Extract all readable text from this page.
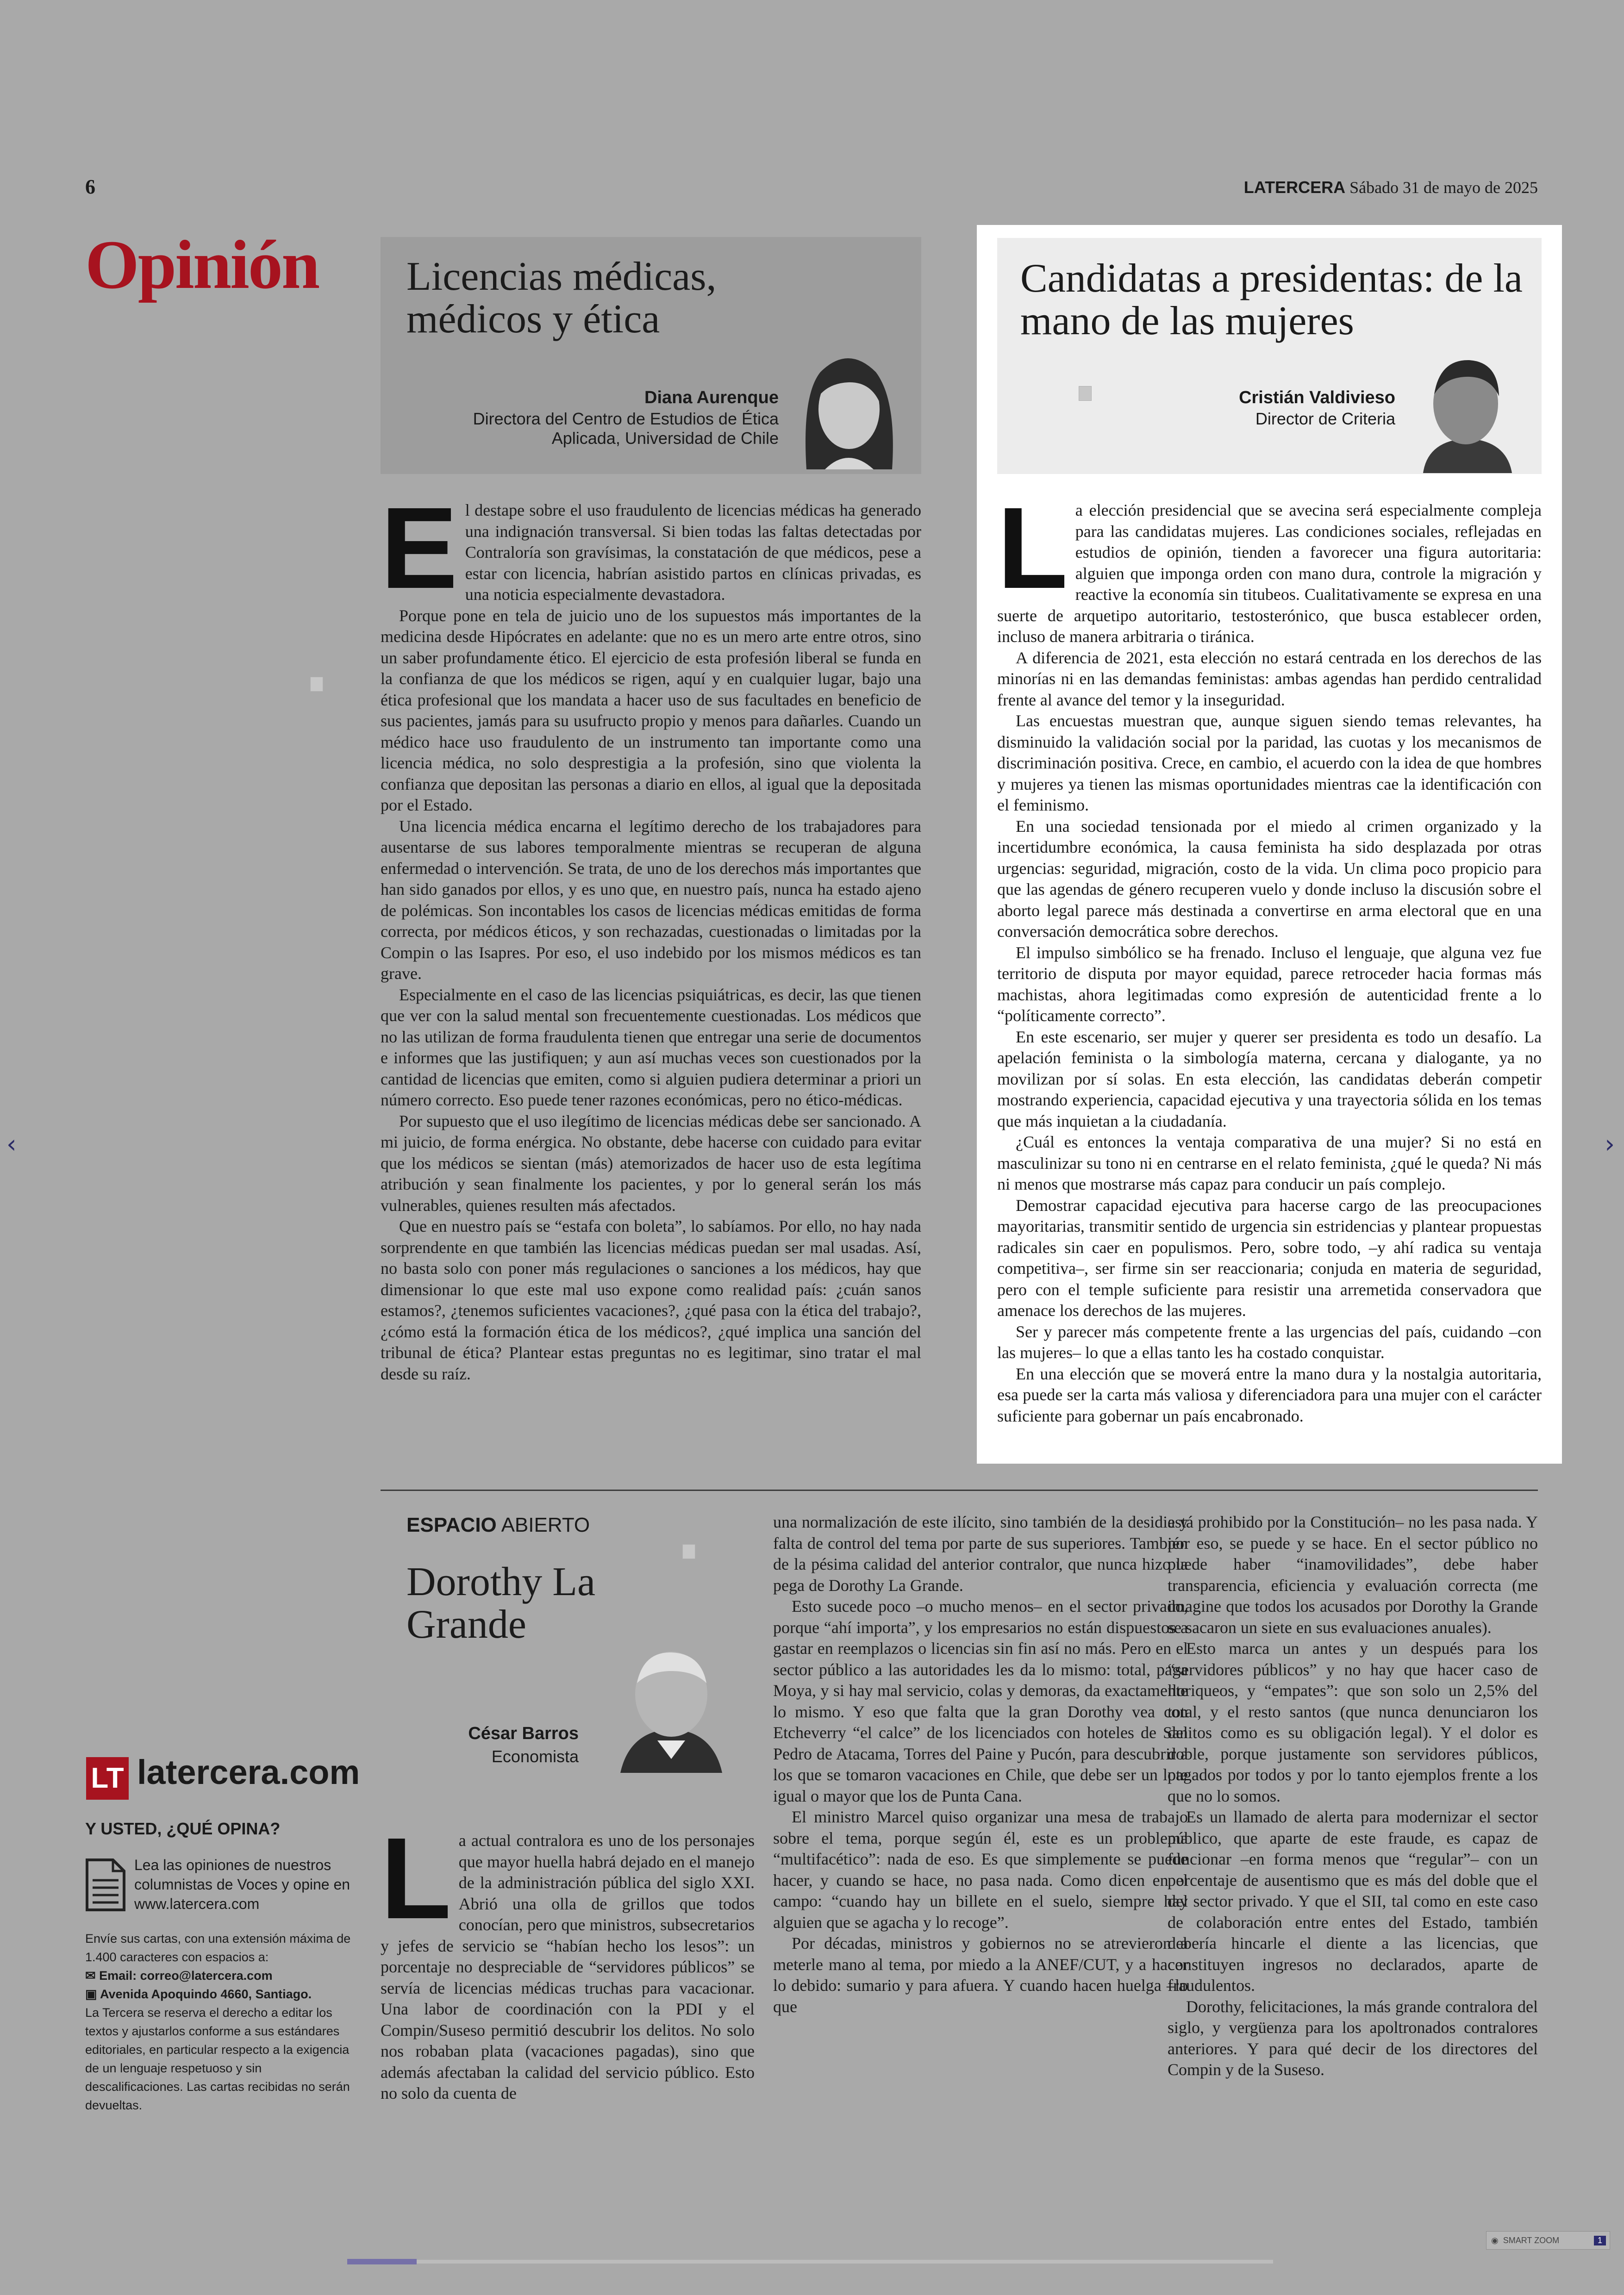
6	LATERCERA Sábado 31 de mayo de 2025
Opinión Licencias médicas, médicos y ética
Diana Aurenque
Directora del Centro de Estudios de Ética Aplicada, Universidad de Chile
E l destape sobre el uso fraudulento de licencias médicas ha generado una indignación transversal. Si bien todas las faltas detectadas por Contraloría son gravísimas, la constatación de que médicos, pese a estar con licencia, habrían asistido partos en clínicas privadas, es una noticia especialmente devastadora.

Porque pone en tela de juicio uno de los supuestos más importantes de la medicina desde Hipócrates en adelante: que no es un mero arte entre otros, sino un saber profundamente ético. El ejercicio de esta profesión liberal se funda en la confianza de que los médicos se rigen, aquí y en cualquier lugar, bajo una ética profesional que los mandata a hacer uso de sus facultades en beneficio de sus pacientes, jamás para su usufructo propio y menos para dañarles. Cuando un médico hace uso fraudulento de un instrumento tan importante como una licencia médica, no solo desprestigia a la profesión, sino que violenta la confianza que depositan las personas a diario en ellos, al igual que la depositada por el Estado.

Una licencia médica encarna el legítimo derecho de los trabajadores para ausentarse de sus labores temporalmente mientras se recuperan de alguna enfermedad o intervención. Se trata, de uno de los derechos más importantes que han sido ganados por ellos, y es uno que, en nuestro país, nunca ha estado ajeno de polémicas. Son incontables los casos de licencias médicas emitidas de forma correcta, por médicos éticos, y son rechazadas, cuestionadas o limitadas por la Compin o las Isapres. Por eso, el uso indebido por los mismos médicos es tan grave.

Especialmente en el caso de las licencias psiquiátricas, es decir, las que tienen que ver con la salud mental son frecuentemente cuestionadas. Los médicos que no las utilizan de forma fraudulenta tienen que entregar una serie de documentos e informes que las justifiquen; y aun así muchas veces son cuestionados por la cantidad de licencias que emiten, como si alguien pudiera determinar a priori un número correcto. Eso puede tener razones económicas, pero no ético-médicas.

Por supuesto que el uso ilegítimo de licencias médicas debe ser sancionado. A mi juicio, de forma enérgica. No obstante, debe hacerse con cuidado para evitar que los médicos se sientan (más) atemorizados de hacer uso de esta legítima atribución y sean finalmente los pacientes, y por lo general serán los más vulnerables, quienes resulten más afectados.

Que en nuestro país se “estafa con boleta”, lo sabíamos. Por ello, no hay nada sorprendente en que también las licencias médicas puedan ser mal usadas. Así, no basta solo con poner más regulaciones o sanciones a los médicos, hay que dimensionar lo que este mal uso expone como realidad país: ¿cuán sanos estamos?, ¿tenemos suficientes vacaciones?, ¿qué pasa con la ética del trabajo?, ¿cómo está la formación ética de los médicos?, ¿qué implica una sanción del tribunal de ética? Plantear estas preguntas no es legitimar, sino tratar el mal desde su raíz.

Candidatas a presidentas: de la mano de las mujeres
Cristián Valdivieso
Director de Criteria
L a elección presidencial que se avecina será especialmente compleja para las candidatas mujeres. Las condiciones sociales, reflejadas en estudios de opinión, tienden a favorecer una figura autoritaria: alguien que imponga orden con mano dura, controle la migración y reactive la economía sin titubeos. Cualitativamente se expresa en una suerte de arquetipo autoritario, testosterónico, que busca establecer orden, incluso de manera arbitraria o tiránica.

A diferencia de 2021, esta elección no estará centrada en los derechos de las minorías ni en las demandas feministas: ambas agendas han perdido centralidad frente al avance del temor y la inseguridad.

Las encuestas muestran que, aunque siguen siendo temas relevantes, ha disminuido la validación social por la paridad, las cuotas y los mecanismos de discriminación positiva. Crece, en cambio, el acuerdo con la idea de que hombres y mujeres ya tienen las mismas oportunidades mientras cae la identificación con el feminismo.

En una sociedad tensionada por el miedo al crimen organizado y la incertidumbre económica, la causa feminista ha sido desplazada por otras urgencias: seguridad, migración, costo de la vida. Un clima poco propicio para que las agendas de género recuperen vuelo y donde incluso la discusión sobre el aborto legal parece más destinada a convertirse en arma electoral que en una conversación democrática sobre derechos.

El impulso simbólico se ha frenado. Incluso el lenguaje, que alguna vez fue territorio de disputa por mayor equidad, parece retroceder hacia formas más machistas, ahora legitimadas como expresión de autenticidad frente a lo “políticamente correcto”.

En este escenario, ser mujer y querer ser presidenta es todo un desafío. La apelación feminista o la simbología materna, cercana y dialogante, ya no movilizan por sí solas. En esta elección, las candidatas deberán competir mostrando experiencia, capacidad ejecutiva y una trayectoria sólida en los temas que más inquietan a la ciudadanía.

¿Cuál es entonces la ventaja comparativa de una mujer? Si no está en masculinizar su tono ni en centrarse en el relato feminista, ¿qué le queda? Ni más ni menos que mostrarse más capaz para conducir un país complejo.

Demostrar capacidad ejecutiva para hacerse cargo de las preocupaciones mayoritarias, transmitir sentido de urgencia sin estridencias y plantear propuestas radicales sin caer en populismos. Pero, sobre todo, –y ahí radica su ventaja competitiva–, ser firme sin ser reaccionaria; conjuda en materia de seguridad, pero con el temple suficiente para resistir una arremetida conservadora que amenace los derechos de las mujeres.

Ser y parecer más competente frente a las urgencias del país, cuidando –con las mujeres– lo que a ellas tanto les ha costado conquistar.

En una elección que se moverá entre la mano dura y la nostalgia autoritaria, esa puede ser la carta más valiosa y diferenciadora para una mujer con el carácter suficiente para gobernar un país encabronado.

ESPACIO ABIERTO
Dorothy La Grande
César Barros
Economista
L a actual contralora es uno de los personajes que mayor huella habrá dejado en el manejo de la administración pública del siglo XXI. Abrió una olla de grillos que todos conocían, pero que ministros, subsecretarios y jefes de servicio se “habían hecho los lesos”: un porcentaje no despreciable de “servidores públicos” se servía de licencias médicas truchas para vacacionar. Una labor de coordinación con la PDI y el Compin/Suseso permitió descubrir los delitos. No solo nos robaban plata (vacaciones pagadas), sino que además afectaban la calidad del servicio público. Esto no solo da cuenta de

una normalización de este ilícito, sino también de la desidia y falta de control del tema por parte de sus superiores. También de la pésima calidad del anterior contralor, que nunca hizo la pega de Dorothy La Grande.

Esto sucede poco –o mucho menos– en el sector privado, porque “ahí importa”, y los empresarios no están dispuestos a gastar en reemplazos o licencias sin fin así no más. Pero en el sector público a las autoridades les da lo mismo: total, paga Moya, y si hay mal servicio, colas y demoras, da exactamente lo mismo. Y eso que falta que la gran Dorothy vea con Etcheverry “el calce” de los licenciados con hoteles de San Pedro de Atacama, Torres del Paine y Pucón, para descubrir a los que se tomaron vacaciones en Chile, que debe ser un lote igual o mayor que los de Punta Cana.

El ministro Marcel quiso organizar una mesa de trabajo sobre el tema, porque según él, este es un problema “multifacético”: nada de eso. Es que simplemente se puede hacer, y cuando se hace, no pasa nada. Como dicen en el campo: “cuando hay un billete en el suelo, siempre hay alguien que se agacha y lo recoge”.

Por décadas, ministros y gobiernos no se atrevieron a meterle mano al tema, por miedo a la ANEF/CUT, y a hacer lo debido: sumario y para afuera. Y cuando hacen huelga –lo que

está prohibido por la Constitución– no les pasa nada. Y por eso, se puede y se hace. En el sector público no puede haber “inamovilidades”, debe haber transparencia, eficiencia y evaluación correcta (me imagine que todos los acusados por Dorothy la Grande se sacaron un siete en sus evaluaciones anuales).

Esto marca un antes y un después para los “servidores públicos” y no hay que hacer caso de lloriqueos, y “empates”: que son solo un 2,5% del total, y el resto santos (que nunca denunciaron los delitos como es su obligación legal). Y el dolor es doble, porque justamente son servidores públicos, pagados por todos y por lo tanto ejemplos frente a los que no lo somos.

Es un llamado de alerta para modernizar el sector público, que aparte de este fraude, es capaz de funcionar –en forma menos que “regular”– con un porcentaje de ausentismo que es más del doble que el del sector privado. Y que el SII, tal como en este caso de colaboración entre entes del Estado, también debería hincarle el diente a las licencias, que constituyen ingresos no declarados, aparte de fraudulentos.

Dorothy, felicitaciones, la más grande contralora del siglo, y vergüenza para los apoltronados contralores anteriores. Y para qué decir de los directores del Compin y de la Suseso.

LT latercera.com
Y USTED, ¿QUÉ OPINA?
Lea las opiniones de nuestros columnistas de Voces y opine en www.latercera.com
Envíe sus cartas, con una extensión máxima de 1.400 caracteres con espacios a:
✉ Email: correo@latercera.com
▣ Avenida Apoquindo 4660, Santiago.
La Tercera se reserva el derecho a editar los textos y ajustarlos conforme a sus estándares editoriales, en particular respecto a la exigencia de un lenguaje respetuoso y sin descalificaciones. Las cartas recibidas no serán devueltas.
‹	›
◉ SMART ZOOM	1
